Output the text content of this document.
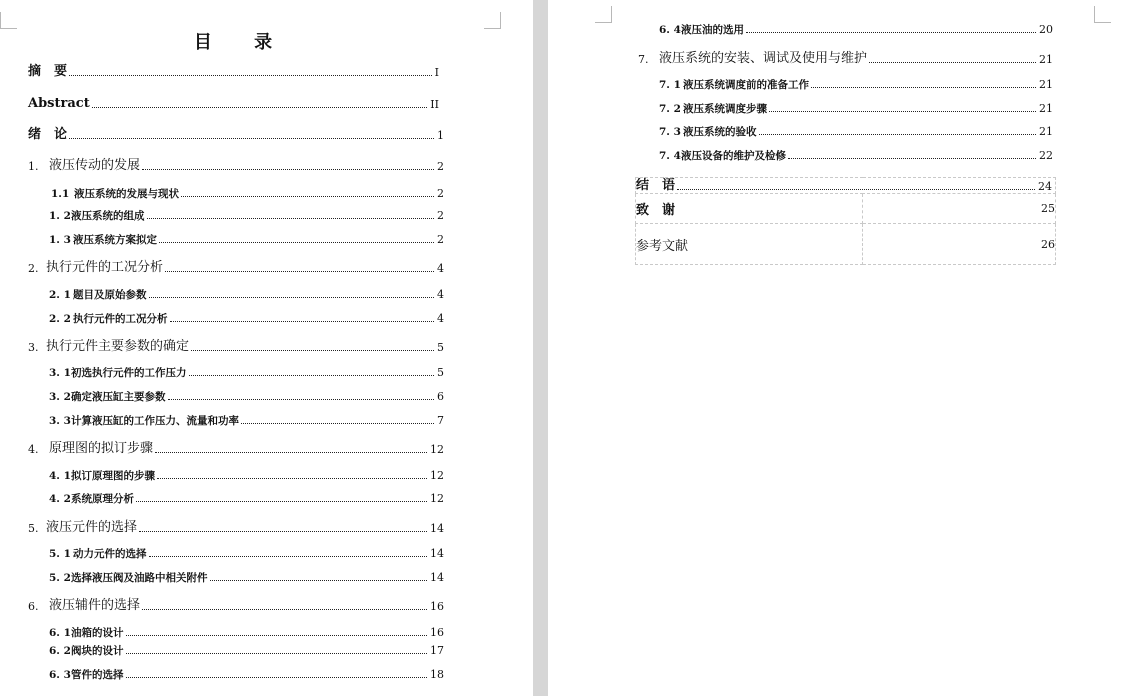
目 录
摘　要	I
Abstract	II
绪　论	1
1. 液压传动的发展	2
1.1 液压系统的发展与现状	2
1. 2 液压系统的组成	2
1. 3 液压系统方案拟定	2
2. 执行元件的工况分析	4
2. 1 题目及原始参数	4
2. 2 执行元件的工况分析	4
3. 执行元件主要参数的确定	5
3. 1 初选执行元件的工作压力	5
3. 2 确定液压缸主要参数	6
3. 3 计算液压缸的工作压力、流量和功率	7
4. 原理图的拟订步骤	12
4. 1 拟订原理图的步骤	12
4. 2 系统原理分析	12
5. 液压元件的选择	14
5. 1 动力元件的选择	14
5. 2 选择液压阀及油路中相关附件	14
6. 液压辅件的选择	16
6. 1 油箱的设计	16
6. 2 阀块的设计	17
6. 3 管件的选择	18
6. 4 液压油的选用	20
7. 液压系统的安装、调试及使用与维护	21
7. 1 液压系统调度前的准备工作	21
7. 2 液压系统调度步骤	21
7. 3 液压系统的验收	21
7. 4 液压设备的维护及检修	22
结　语 24	

致　谢	25
参考文献	26
